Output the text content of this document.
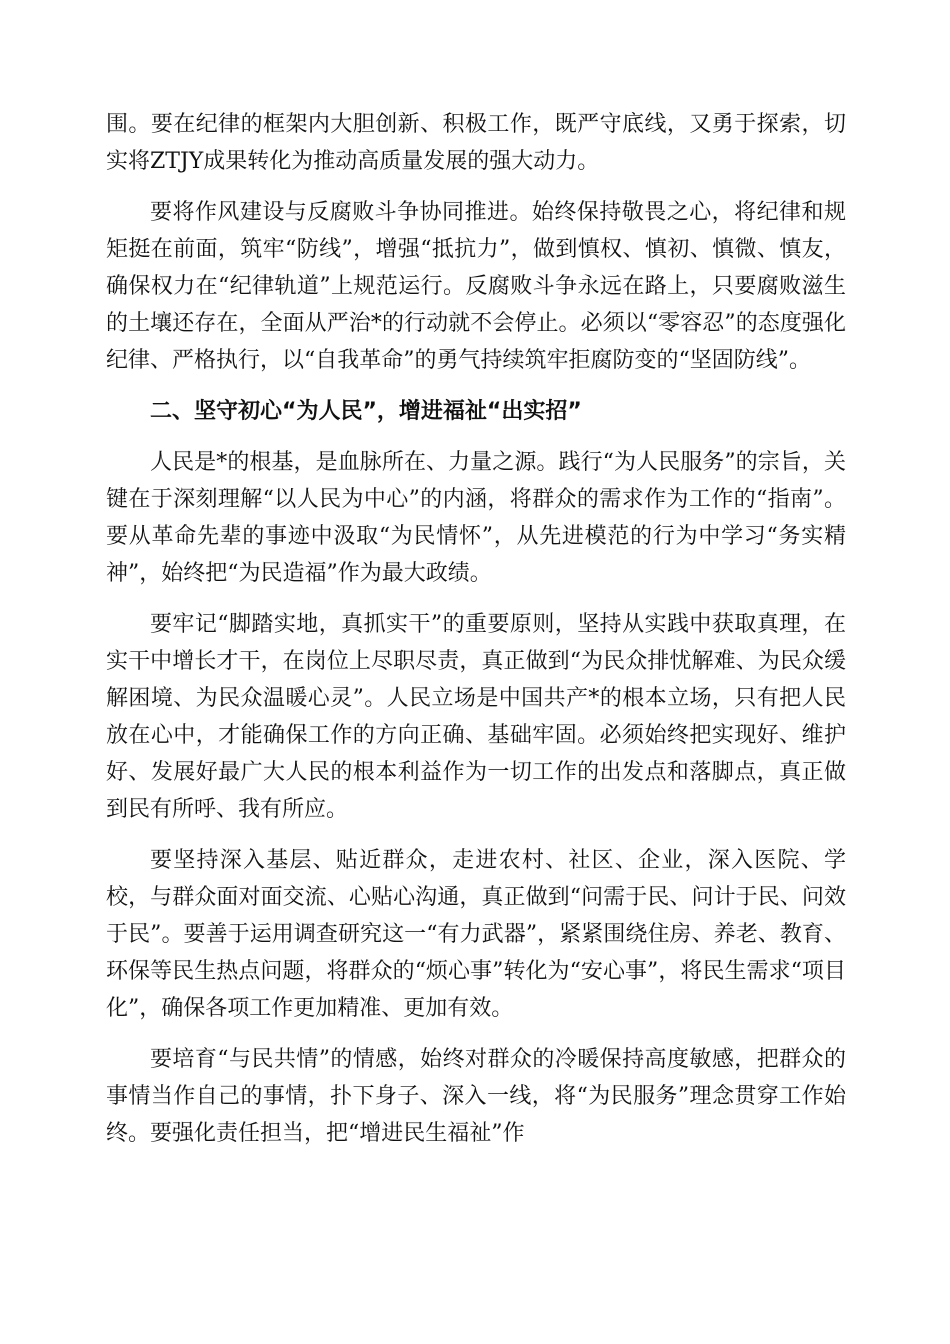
围。要在纪律的框架内大胆创新、积极工作，既严守底线，又勇于探索，切实将ZTJY成果转化为推动高质量发展的强大动力。

要将作风建设与反腐败斗争协同推进。始终保持敬畏之心，将纪律和规矩挺在前面，筑牢“防线”，增强“抵抗力”，做到慎权、慎初、慎微、慎友，确保权力在“纪律轨道”上规范运行。反腐败斗争永远在路上，只要腐败滋生的土壤还存在，全面从严治*的行动就不会停止。必须以“零容忍”的态度强化纪律、严格执行，以“自我革命”的勇气持续筑牢拒腐防变的“坚固防线”。

二、坚守初心“为人民”，增进福祉“出实招”

人民是*的根基，是血脉所在、力量之源。践行“为人民服务”的宗旨，关键在于深刻理解“以人民为中心”的内涵，将群众的需求作为工作的“指南”。要从革命先辈的事迹中汲取“为民情怀”，从先进模范的行为中学习“务实精神”，始终把“为民造福”作为最大政绩。

要牢记“脚踏实地，真抓实干”的重要原则，坚持从实践中获取真理，在实干中增长才干，在岗位上尽职尽责，真正做到“为民众排忧解难、为民众缓解困境、为民众温暖心灵”。人民立场是中国共产*的根本立场，只有把人民放在心中，才能确保工作的方向正确、基础牢固。必须始终把实现好、维护好、发展好最广大人民的根本利益作为一切工作的出发点和落脚点，真正做到民有所呼、我有所应。

要坚持深入基层、贴近群众，走进农村、社区、企业，深入医院、学校，与群众面对面交流、心贴心沟通，真正做到“问需于民、问计于民、问效于民”。要善于运用调查研究这一“有力武器”，紧紧围绕住房、养老、教育、环保等民生热点问题，将群众的“烦心事”转化为“安心事”，将民生需求“项目化”，确保各项工作更加精准、更加有效。

要培育“与民共情”的情感，始终对群众的冷暖保持高度敏感，把群众的事情当作自己的事情，扑下身子、深入一线，将“为民服务”理念贯穿工作始终。要强化责任担当，把“增进民生福祉”作
